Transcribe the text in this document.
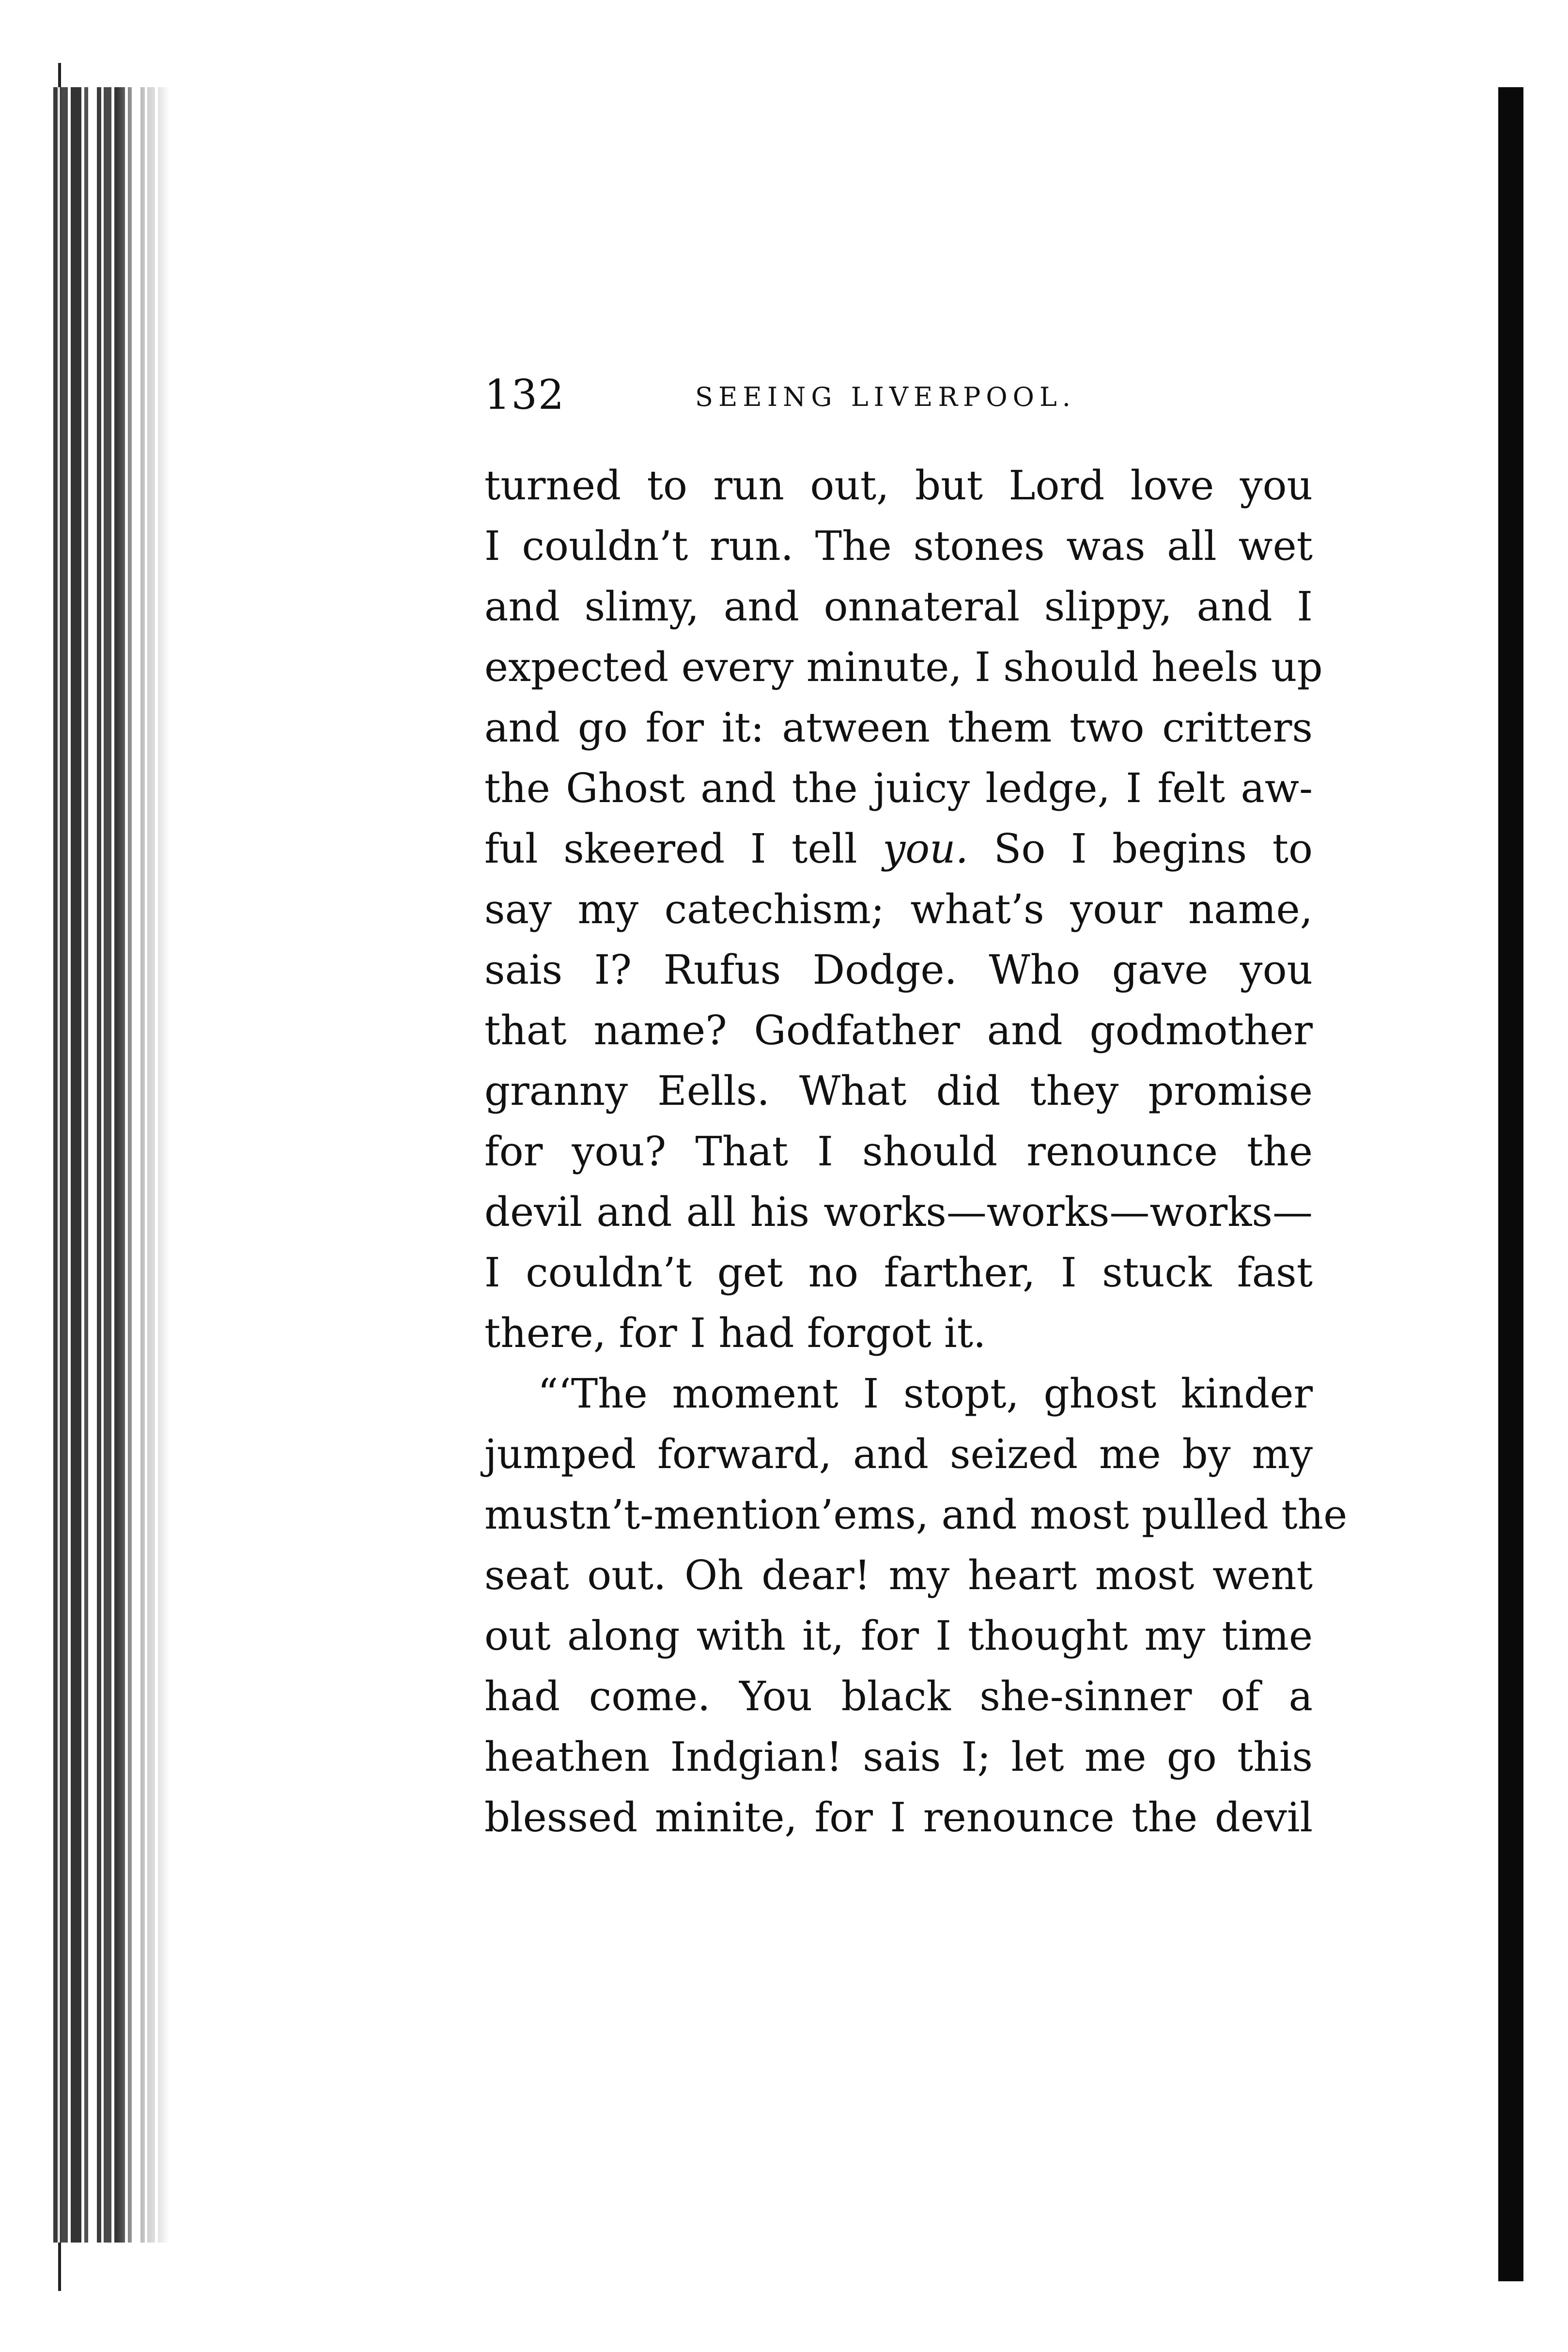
132	SEEING LIVERPOOL.
turned to run out, but Lord love you
I couldn’t run. The stones was all wet
and slimy, and onnateral slippy, and I
expected every minute, I should heels up
and go for it: atween them two critters
the Ghost and the juicy ledge, I felt aw-
ful skeered I tell you. So I begins to
say my catechism; what’s your name,
sais I? Rufus Dodge. Who gave you
that name? Godfather and godmother
granny Eells. What did they promise
for you? That I should renounce the
devil and all his works—works—works—
I couldn’t get no farther, I stuck fast
there, for I had forgot it.
“‘The moment I stopt, ghost kinder
jumped forward, and seized me by my
mustn’t-mention’ems, and most pulled the
seat out. Oh dear! my heart most went
out along with it, for I thought my time
had come. You black she-sinner of a
heathen Indgian! sais I; let me go this
blessed minite, for I renounce the devil
